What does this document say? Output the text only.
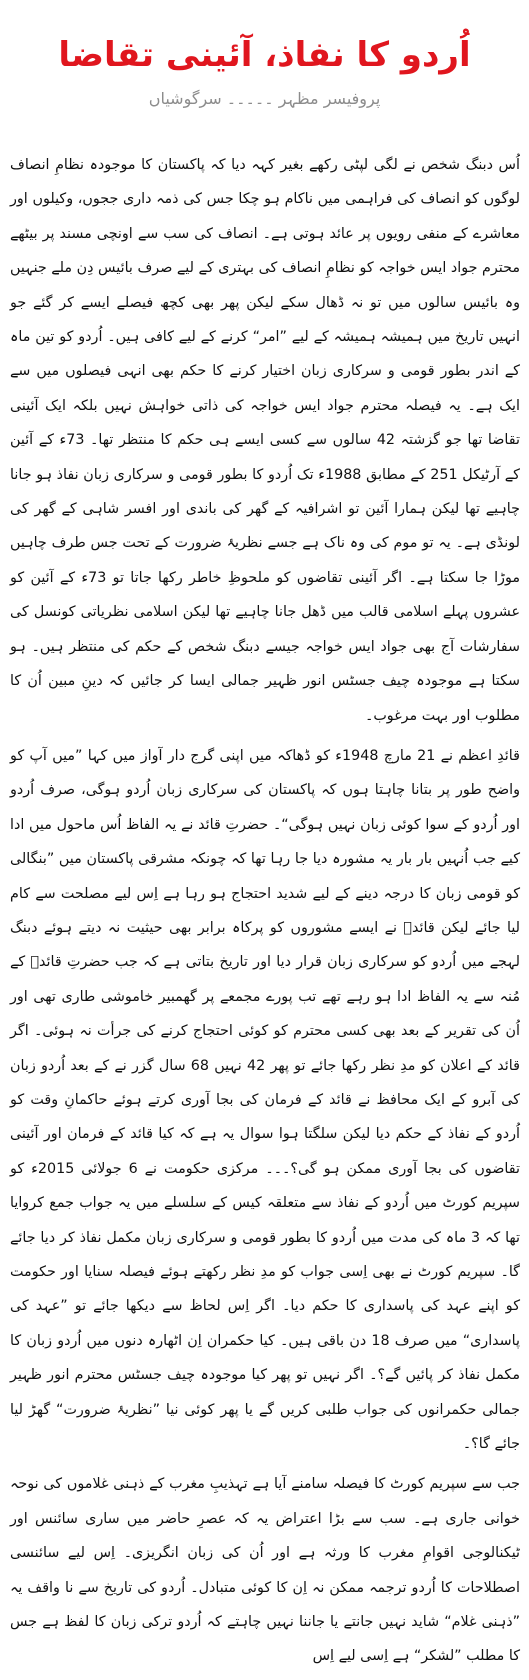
اُردو کا نفاذ، آئینی تقاضا
پروفیسر مظہر ۔۔۔۔۔ سرگوشیاں

اُس دبنگ شخص نے لگی لپٹی رکھے بغیر کہہ دیا کہ پاکستان کا موجودہ نظامِ انصاف لوگوں کو انصاف کی فراہمی میں ناکام ہو چکا جس کی ذمہ داری ججوں، وکیلوں اور معاشرے کے منفی رویوں پر عائد ہوتی ہے۔ انصاف کی سب سے اونچی مسند پر بیٹھے محترم جواد ایس خواجہ کو نظامِ انصاف کی بہتری کے لیے صرف بائیس دِن ملے جنہیں وہ بائیس سالوں میں تو نہ ڈھال سکے لیکن پھر بھی کچھ فیصلے ایسے کر گئے جو انہیں تاریخ میں ہمیشہ ہمیشہ کے لیے ”امر“ کرنے کے لیے کافی ہیں۔ اُردو کو تین ماہ کے اندر بطور قومی و سرکاری زبان اختیار کرنے کا حکم بھی انہی فیصلوں میں سے ایک ہے۔ یہ فیصلہ محترم جواد ایس خواجہ کی ذاتی خواہش نہیں بلکہ ایک آئینی تقاضا تھا جو گزشتہ 42 سالوں سے کسی ایسے ہی حکم کا منتظر تھا۔ 73ء کے آئین کے آرٹیکل 251 کے مطابق 1988ء تک اُردو کا بطور قومی و سرکاری زبان نفاذ ہو جانا چاہیے تھا لیکن ہمارا آئین تو اشرافیہ کے گھر کی باندی اور افسر شاہی کے گھر کی لونڈی ہے۔ یہ تو موم کی وہ ناک ہے جسے نظریۂ ضرورت کے تحت جس طرف چاہیں موڑا جا سکتا ہے۔ اگر آئینی تقاضوں کو ملحوظِ خاطر رکھا جاتا تو 73ء کے آئین کو عشروں پہلے اسلامی قالب میں ڈھل جانا چاہیے تھا لیکن اسلامی نظریاتی کونسل کی سفارشات آج بھی جواد ایس خواجہ جیسے دبنگ شخص کے حکم کی منتظر ہیں۔ ہو سکتا ہے موجودہ چیف جسٹس انور ظہیر جمالی ایسا کر جائیں کہ دینِ مبین اُن کا مطلوب اور بہت مرغوب۔

قائدِ اعظم نے 21 مارچ 1948ء کو ڈھاکہ میں اپنی گرج دار آواز میں کہا ”میں آپ کو واضح طور پر بتانا چاہتا ہوں کہ پاکستان کی سرکاری زبان اُردو ہوگی، صرف اُردو اور اُردو کے سوا کوئی زبان نہیں ہوگی“۔ حضرتِ قائد نے یہ الفاظ اُس ماحول میں ادا کیے جب اُنہیں بار بار یہ مشورہ دیا جا رہا تھا کہ چونکہ مشرقی پاکستان میں ”بنگالی کو قومی زبان کا درجہ دینے کے لیے شدید احتجاج ہو رہا ہے اِس لیے مصلحت سے کام لیا جائے لیکن قائدؒ نے ایسے مشوروں کو پرکاہ برابر بھی حیثیت نہ دیتے ہوئے دبنگ لہجے میں اُردو کو سرکاری زبان قرار دیا اور تاریخ بتاتی ہے کہ جب حضرتِ قائدؒ کے مُنہ سے یہ الفاظ ادا ہو رہے تھے تب پورے مجمعے پر گھمبیر خاموشی طاری تھی اور اُن کی تقریر کے بعد بھی کسی محترم کو کوئی احتجاج کرنے کی جرأت نہ ہوئی۔ اگر قائد کے اعلان کو مدِ نظر رکھا جائے تو پھر 42 نہیں 68 سال گزر نے کے بعد اُردو زبان کی آبرو کے ایک محافظ نے قائد کے فرمان کی بجا آوری کرتے ہوئے حاکمانِ وقت کو اُردو کے نفاذ کے حکم دیا لیکن سلگتا ہوا سوال یہ ہے کہ کیا قائد کے فرمان اور آئینی تقاضوں کی بجا آوری ممکن ہو گی؟۔۔۔ مرکزی حکومت نے 6 جولائی 2015ء کو سپریم کورٹ میں اُردو کے نفاذ سے متعلقہ کیس کے سلسلے میں یہ جواب جمع کروایا تھا کہ 3 ماہ کی مدت میں اُردو کا بطور قومی و سرکاری زبان مکمل نفاذ کر دیا جائے گا۔ سپریم کورٹ نے بھی اِسی جواب کو مدِ نظر رکھتے ہوئے فیصلہ سنایا اور حکومت کو اپنے عہد کی پاسداری کا حکم دیا۔ اگر اِس لحاظ سے دیکھا جائے تو ”عہد کی پاسداری“ میں صرف 18 دن باقی ہیں۔ کیا حکمران اِن اٹھارہ دنوں میں اُردو زبان کا مکمل نفاذ کر پائیں گے؟۔ اگر نہیں تو پھر کیا موجودہ چیف جسٹس محترم انور ظہیر جمالی حکمرانوں کی جواب طلبی کریں گے یا پھر کوئی نیا ”نظریۂ ضرورت“ گھڑ لیا جائے گا؟۔

جب سے سپریم کورٹ کا فیصلہ سامنے آیا ہے تہذیبِ مغرب کے ذہنی غلاموں کی نوحہ خوانی جاری ہے۔ سب سے بڑا اعتراض یہ کہ عصرِ حاضر میں ساری سائنس اور ٹیکنالوجی اقوامِ مغرب کا ورثہ ہے اور اُن کی زبان انگریزی۔ اِس لیے سائنسی اصطلاحات کا اُردو ترجمہ ممکن نہ اِن کا کوئی متبادل۔ اُردو کی تاریخ سے نا واقف یہ ”ذہنی غلام“ شاید نہیں جانتے یا جاننا نہیں چاہتے کہ اُردو ترکی زبان کا لفظ ہے جس کا مطلب ”لشکر“ ہے اِسی لیے اِس
